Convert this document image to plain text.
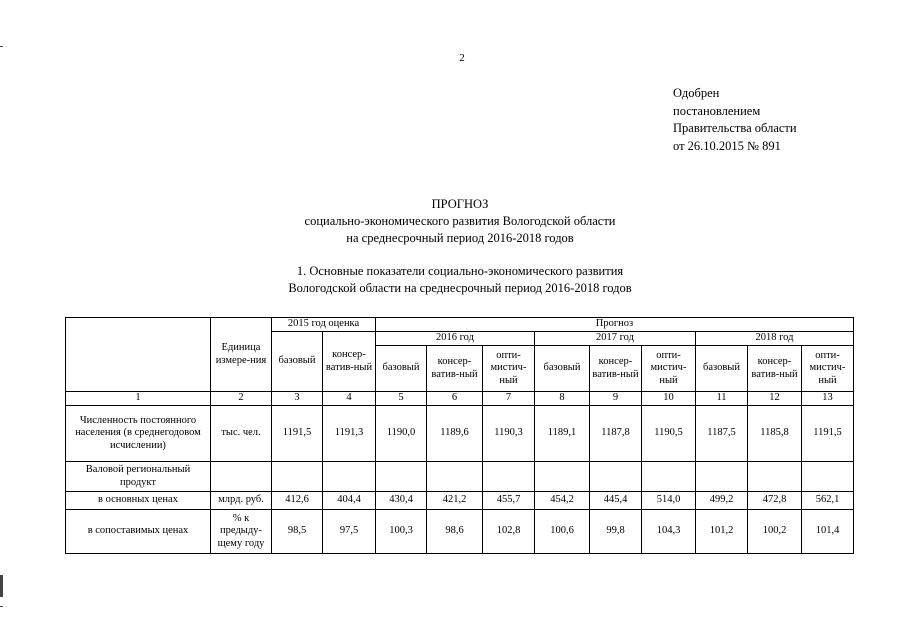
2
Одобрен
постановлением
Правительства области
от 26.10.2015 № 891
ПРОГНОЗ
социально-экономического развития Вологодской области
на среднесрочный период 2016-2018 годов
1. Основные показатели социально-экономического развития
Вологодской области на среднесрочный период 2016-2018 годов
	Единица измере-ния	2015 год оценка		Прогноз								
		базовый	консер-ватив-ный	2016 год			2017 год			2018 год		
				базовый	консер-ватив-ный	опти-мистич-ный	базовый	консер-ватив-ный	опти-мистич-ный	базовый	консер-ватив-ный	опти-мистич-ный
1	2	3	4	5	6	7	8	9	10	11	12	13
Численность постоянного населения (в среднегодовом исчислении)	тыс. чел.	1191,5	1191,3	1190,0	1189,6	1190,3	1189,1	1187,8	1190,5	1187,5	1185,8	1191,5
Валовой региональный продукт												
в основных ценах	млрд. руб.	412,6	404,4	430,4	421,2	455,7	454,2	445,4	514,0	499,2	472,8	562,1
в сопоставимых ценах	% к предыду-щему году	98,5	97,5	100,3	98,6	102,8	100,6	99,8	104,3	101,2	100,2	101,4
